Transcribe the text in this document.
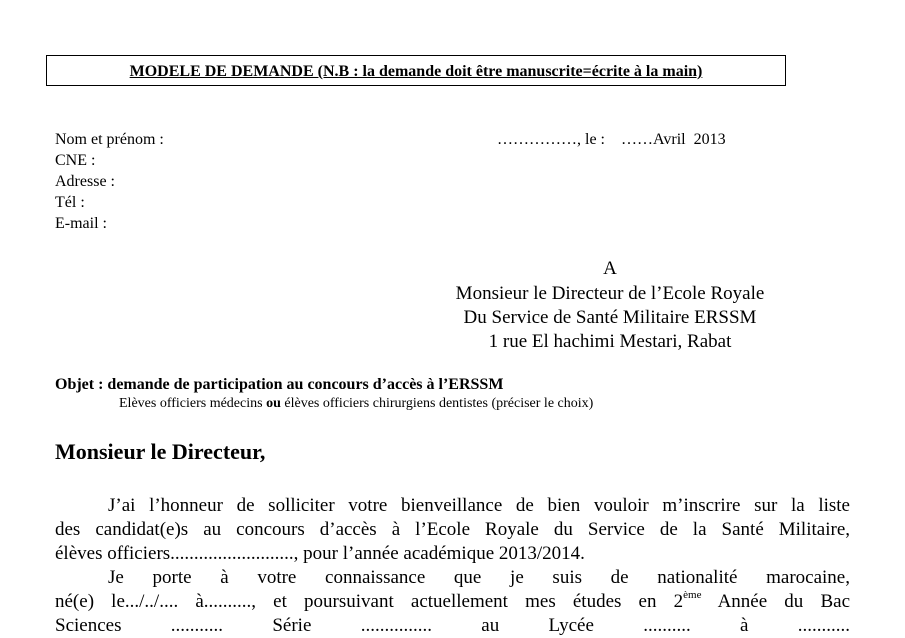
MODELE DE DEMANDE (N.B : la demande doit être manuscrite=écrite à la main)
Nom et prénom :
CNE :
Adresse :
Tél :
E-mail :
……………, le :    ……Avril  2013
A
Monsieur le Directeur de l’Ecole Royale
Du Service de Santé Militaire ERSSM
1 rue El hachimi Mestari, Rabat
Objet : demande de participation au concours d’accès à l’ERSSM
Elèves officiers médecins ou élèves officiers chirurgiens dentistes (préciser le choix)
Monsieur le Directeur,
J’ai l’honneur de solliciter votre bienveillance de bien vouloir m’inscrire sur la liste
des candidat(e)s au concours d’accès à l’Ecole Royale du Service de la Santé Militaire,
élèves officiers.........................., pour l’année académique 2013/2014.
Je porte à votre connaissance que je suis de nationalité marocaine,
né(e) le.../../.... à.........., et poursuivant actuellement mes études en 2ème Année du Bac
Sciences ........... Série ............... au Lycée .......... à ...........
